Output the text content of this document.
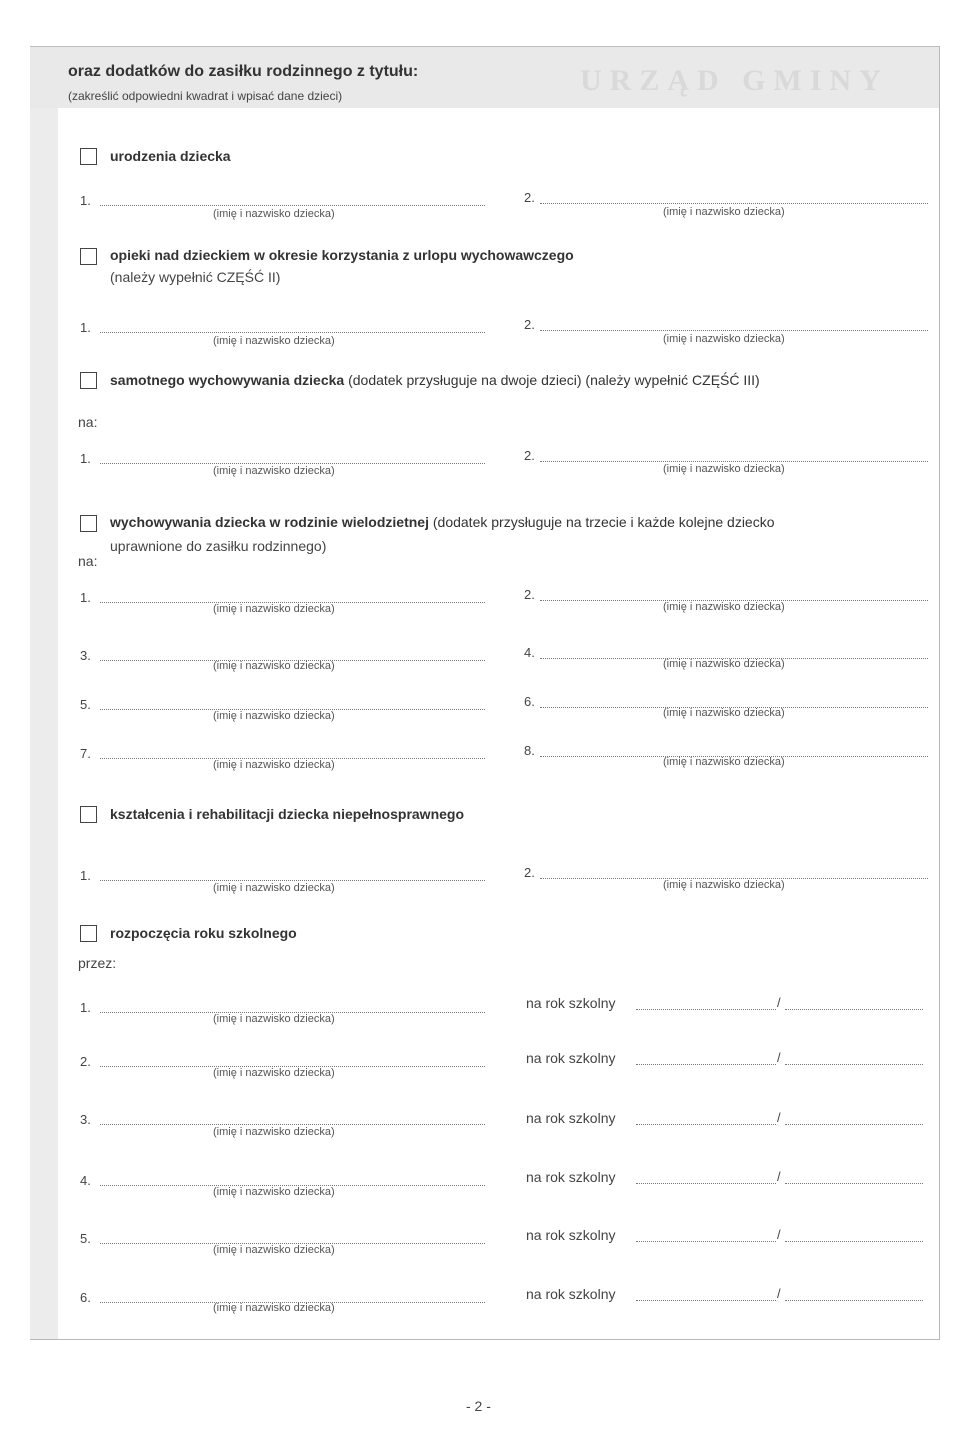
URZĄD GMINY
oraz dodatków do zasiłku rodzinnego z tytułu:
(zakreślić odpowiedni kwadrat i wpisać dane dzieci)
urodzenia dziecka
1.
(imię i nazwisko dziecka)
2.
(imię i nazwisko dziecka)
opieki nad dzieckiem w okresie korzystania z urlopu wychowawczego
(należy wypełnić CZĘŚĆ II)
1.
(imię i nazwisko dziecka)
2.
(imię i nazwisko dziecka)
samotnego wychowywania dziecka (dodatek przysługuje na dwoje dzieci) (należy wypełnić CZĘŚĆ III)
na:
1.
(imię i nazwisko dziecka)
2.
(imię i nazwisko dziecka)
wychowywania dziecka w rodzinie wielodzietnej (dodatek przysługuje na trzecie i każde kolejne dziecko
uprawnione do zasiłku rodzinnego)
na:
1.
(imię i nazwisko dziecka)
2.
(imię i nazwisko dziecka)
3.
(imię i nazwisko dziecka)
4.
(imię i nazwisko dziecka)
5.
(imię i nazwisko dziecka)
6.
(imię i nazwisko dziecka)
7.
(imię i nazwisko dziecka)
8.
(imię i nazwisko dziecka)
kształcenia i rehabilitacji dziecka niepełnosprawnego
1.
(imię i nazwisko dziecka)
2.
(imię i nazwisko dziecka)
rozpoczęcia roku szkolnego
przez:
1.
(imię i nazwisko dziecka)
na rok szkolny	/
2.
(imię i nazwisko dziecka)
na rok szkolny	/
3.
(imię i nazwisko dziecka)
na rok szkolny	/
4.
(imię i nazwisko dziecka)
na rok szkolny	/
5.
(imię i nazwisko dziecka)
na rok szkolny	/
6.
(imię i nazwisko dziecka)
na rok szkolny	/
- 2 -
